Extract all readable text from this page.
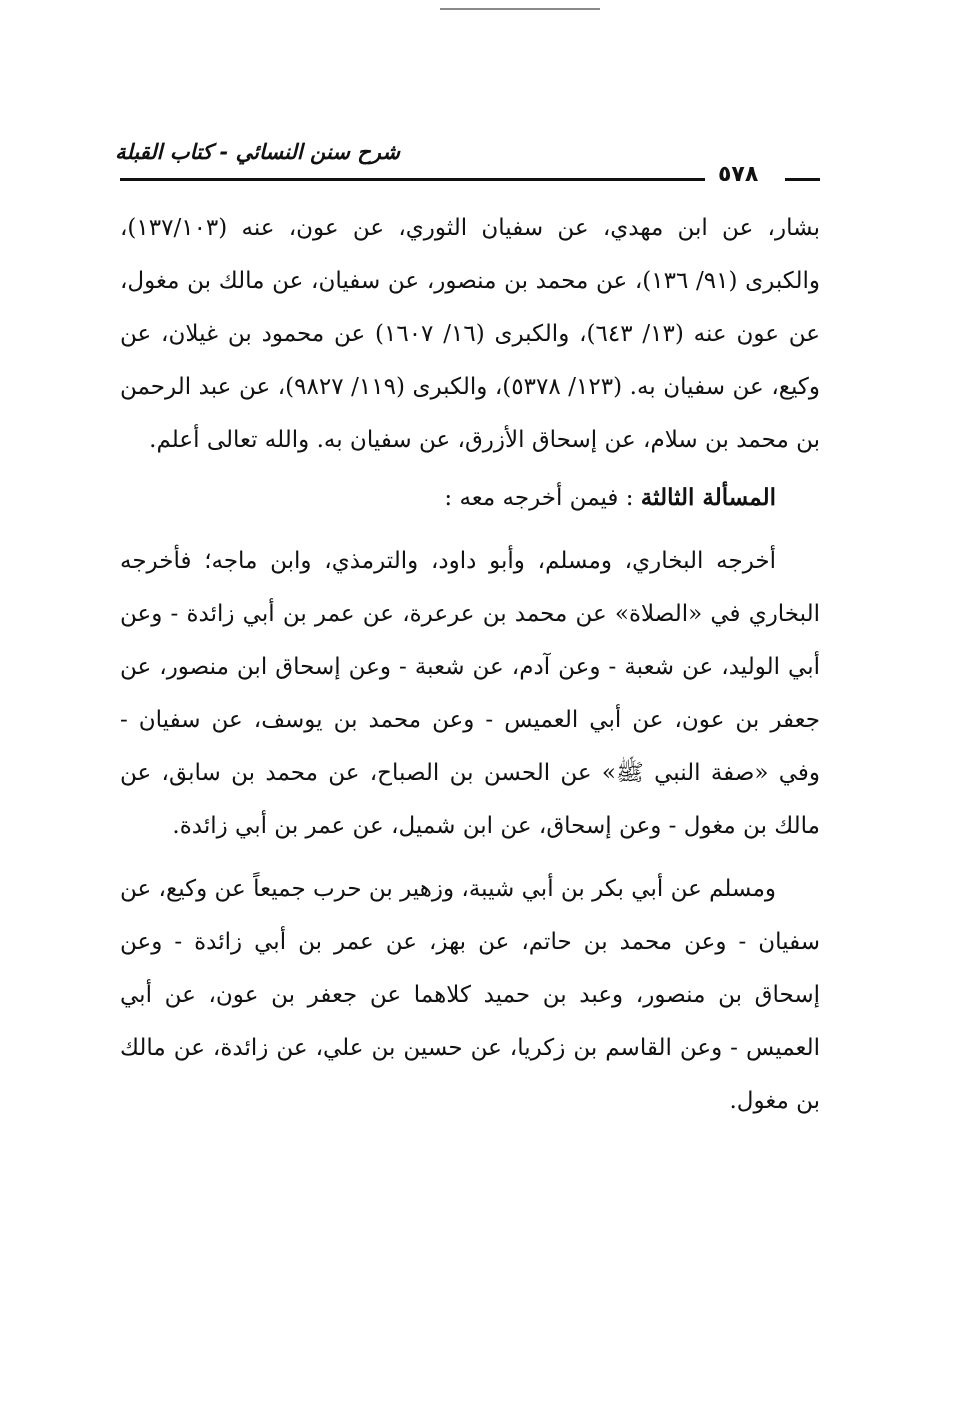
شرح سنن النسائي - كتاب القبلة
٥٧٨

بشار، عن ابن مهدي، عن سفيان الثوري، عن عون، عنه (١٣٧/١٠٣)، والكبرى (٩١/ ١٣٦)، عن محمد بن منصور، عن سفيان، عن مالك بن مغول، عن عون عنه (١٣/ ٦٤٣)، والكبرى (١٦/ ١٦٠٧) عن محمود بن غيلان، عن وكيع، عن سفيان به. (١٢٣/ ٥٣٧٨)، والكبرى (١١٩/ ٩٨٢٧)، عن عبد الرحمن بن محمد بن سلام، عن إسحاق الأزرق، عن سفيان به. والله تعالى أعلم.

المسألة الثالثة : فيمن أخرجه معه :

أخرجه البخاري، ومسلم، وأبو داود، والترمذي، وابن ماجه؛ فأخرجه البخاري في «الصلاة» عن محمد بن عرعرة، عن عمر بن أبي زائدة - وعن أبي الوليد، عن شعبة - وعن آدم، عن شعبة - وعن إسحاق ابن منصور، عن جعفر بن عون، عن أبي العميس - وعن محمد بن يوسف، عن سفيان - وفي «صفة النبي ﷺ» عن الحسن بن الصباح، عن محمد بن سابق، عن مالك بن مغول - وعن إسحاق، عن ابن شميل، عن عمر بن أبي زائدة.

ومسلم عن أبي بكر بن أبي شيبة، وزهير بن حرب جميعاً عن وكيع، عن سفيان - وعن محمد بن حاتم، عن بهز، عن عمر بن أبي زائدة - وعن إسحاق بن منصور، وعبد بن حميد كلاهما عن جعفر بن عون، عن أبي العميس - وعن القاسم بن زكريا، عن حسين بن علي، عن زائدة، عن مالك بن مغول.
